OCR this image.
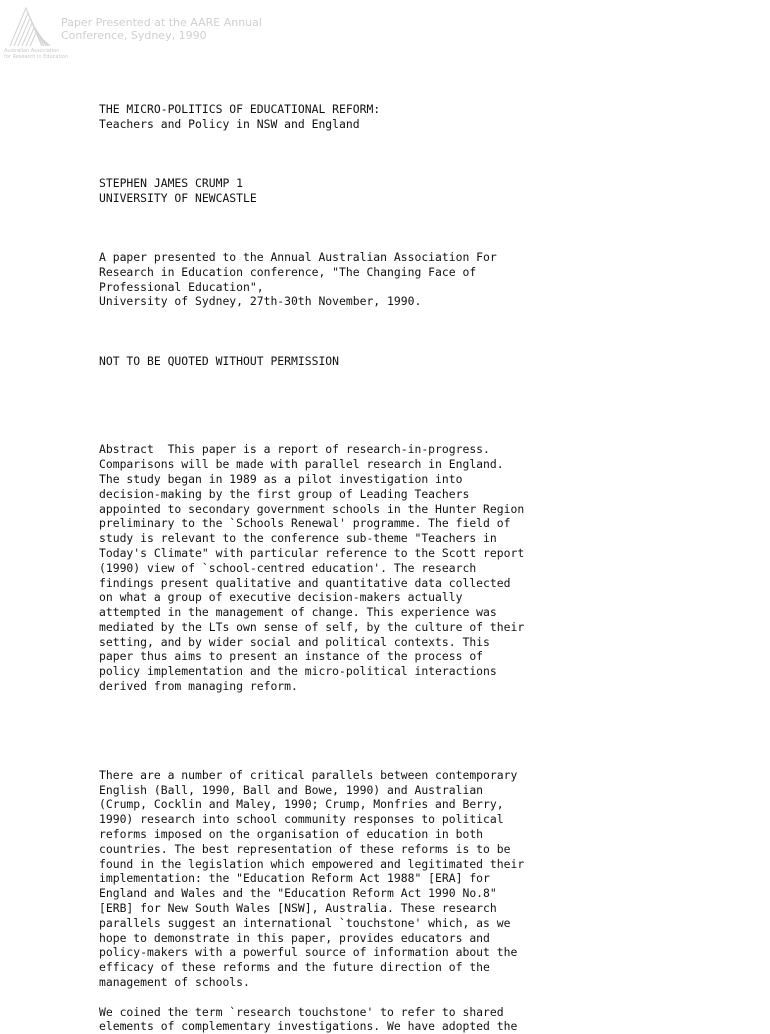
Australian Association
for Research in Education
Paper Presented at the AARE Annual
Conference, Sydney, 1990

THE MICRO-POLITICS OF EDUCATIONAL REFORM:

Teachers and Policy in NSW and England

STEPHEN JAMES CRUMP 1

UNIVERSITY OF NEWCASTLE

A paper presented to the Annual Australian Association For

Research in Education conference, "The Changing Face of

Professional Education",

University of Sydney, 27th-30th November, 1990.

NOT TO BE QUOTED WITHOUT PERMISSION

Abstract  This paper is a report of research-in-progress.

Comparisons will be made with parallel research in England.

The study began in 1989 as a pilot investigation into

decision-making by the first group of Leading Teachers

appointed to secondary government schools in the Hunter Region

preliminary to the `Schools Renewal' programme. The field of

study is relevant to the conference sub-theme "Teachers in

Today's Climate" with particular reference to the Scott report

(1990) view of `school-centred education'. The research

findings present qualitative and quantitative data collected

on what a group of executive decision-makers actually

attempted in the management of change. This experience was

mediated by the LTs own sense of self, by the culture of their

setting, and by wider social and political contexts. This

paper thus aims to present an instance of the process of

policy implementation and the micro-political interactions

derived from managing reform.

There are a number of critical parallels between contemporary

English (Ball, 1990, Ball and Bowe, 1990) and Australian

(Crump, Cocklin and Maley, 1990; Crump, Monfries and Berry,

1990) research into school community responses to political

reforms imposed on the organisation of education in both

countries. The best representation of these reforms is to be

found in the legislation which empowered and legitimated their

implementation: the "Education Reform Act 1988" [ERA] for

England and Wales and the "Education Reform Act 1990 No.8"

[ERB] for New South Wales [NSW], Australia. These research

parallels suggest an international `touchstone' which, as we

hope to demonstrate in this paper, provides educators and

policy-makers with a powerful source of information about the

efficacy of these reforms and the future direction of the

management of schools.

We coined the term `research touchstone' to refer to shared

elements of complementary investigations. We have adopted the
